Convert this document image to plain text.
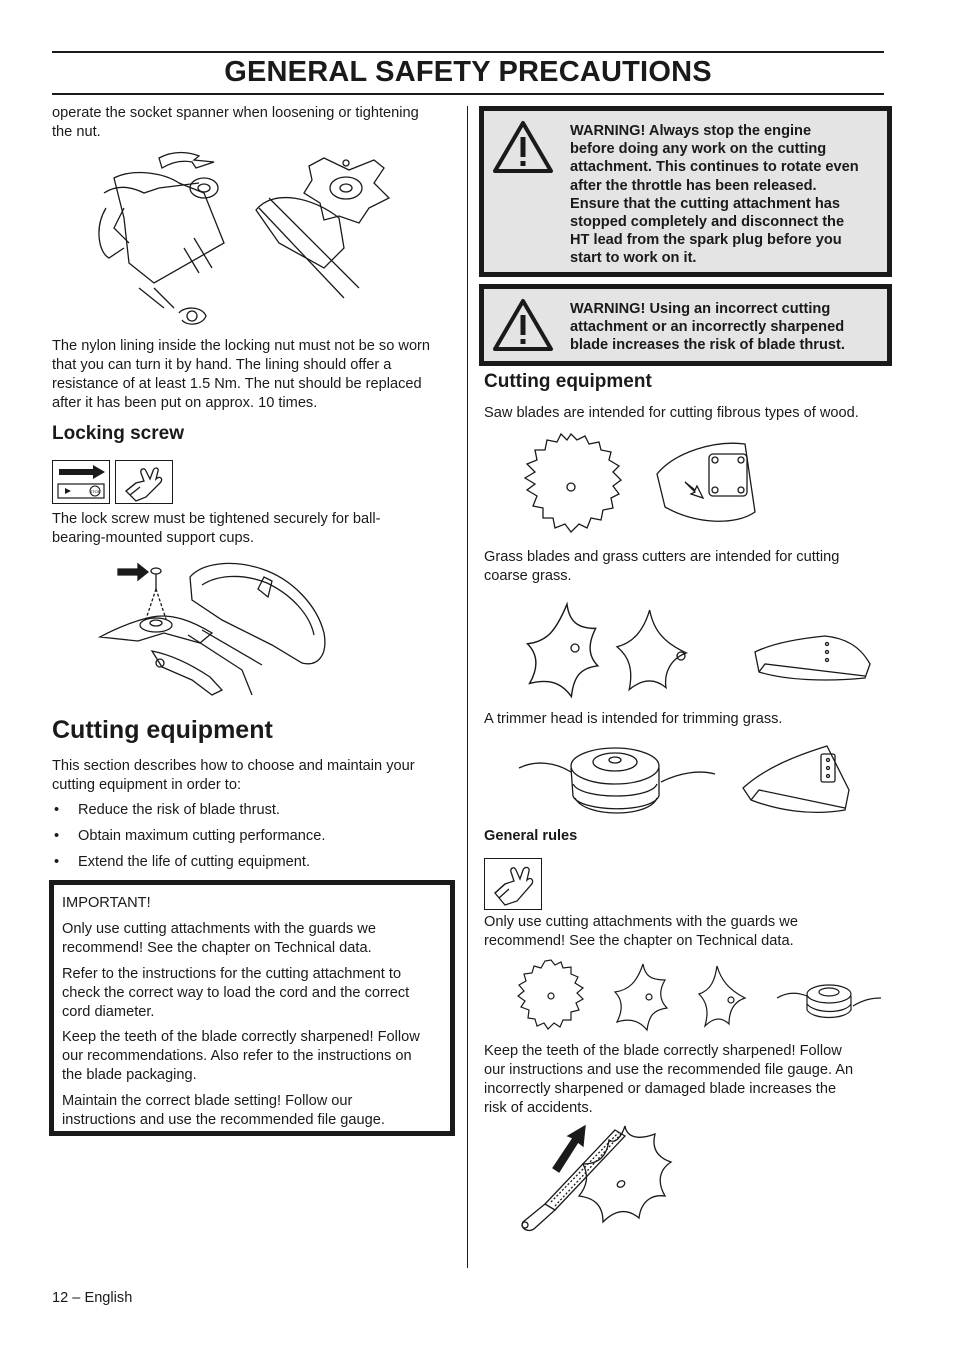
GENERAL SAFETY PRECAUTIONS
operate the socket spanner when loosening or tightening
the nut.
The nylon lining inside the locking nut must not be so worn
that you can turn it by hand. The lining should offer a
resistance of at least 1.5 Nm. The nut should be replaced
after it has been put on approx. 10 times.
Locking screw
STOP
The lock screw must be tightened securely for ball-
bearing-mounted support cups.
Cutting equipment
This section describes how to choose and maintain your
cutting equipment in order to:
• Reduce the risk of blade thrust.
• Obtain maximum cutting performance.
• Extend the life of cutting equipment.
IMPORTANT!
Only use cutting attachments with the guards we
recommend! See the chapter on Technical data.
Refer to the instructions for the cutting attachment to
check the correct way to load the cord and the correct
cord diameter.
Keep the teeth of the blade correctly sharpened! Follow
our recommendations. Also refer to the instructions on
the blade packaging.
Maintain the correct blade setting! Follow our
instructions and use the recommended file gauge.
12 – English
WARNING! Always stop the engine
before doing any work on the cutting
attachment. This continues to rotate even
after the throttle has been released.
Ensure that the cutting attachment has
stopped completely and disconnect the
HT lead from the spark plug before you
start to work on it.
WARNING! Using an incorrect cutting
attachment or an incorrectly sharpened
blade increases the risk of blade thrust.
Cutting equipment
Saw blades are intended for cutting fibrous types of wood.
Grass blades and grass cutters are intended for cutting
coarse grass.
A trimmer head is intended for trimming grass.
General rules
Only use cutting attachments with the guards we
recommend! See the chapter on Technical data.
Keep the teeth of the blade correctly sharpened! Follow
our instructions and use the recommended file gauge. An
incorrectly sharpened or damaged blade increases the
risk of accidents.
